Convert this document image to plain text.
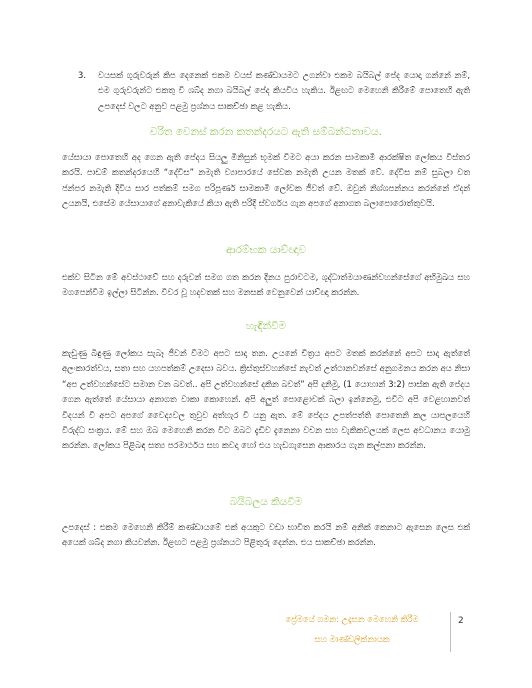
3. වයසක් ගුරුවරුන් කිප දෙනෙක් එකම වයස් කණ්ඩායමට උගන්වා එකම බයිබල් පේද යොදා ගන්නේ නම්, එම ගුරුවරුන්ට එකතු වී ශබ්ද නගා බයිබල් පේද කියවිය හැකිය. ඊළඟට මෙහෙනි කිරීමේ පොතෙහි ඇති උපදෙස් වලට අනුව පළමු ප්‍රශ්නය සාකච්ඡා කළ හැකිය.

චරිත වෙනස් කරන කතන්දරයට ඇති සම්බන්ධතාවය.

යේසායා පොතෙහි අද ගෙන ඇති පේදය සියලු මිනිසුන් භූමක් වීමට අයා කරන සාමකාමී ආරක්ෂිත ලෝකය විස්තර කරයි. පාඩම් කතන්දරයෙහි “දේවිස” නමැති ව්‍යාපාරයේ සේවක නමැති උයන මතක් වේ. දේවිස නම් සුබලා වත ජන්පර නමැති දිවිය සාර පත්කම් සමග පරිපූර්ණ සාමකාමී ලෝවක ජීවත් වේ. ඔවුන් නිශ්ශපන්නය කරන්නේ ඒදන් උයනයි, එසේම යේසායාගේ අනාවැකියේ කියා ඇති පරිදි ස්වර්ගය ගැන අපගේ අනාගත බලාපොරොත්තුවයි.

ආරම්භක යාච්ඥාව

එක්ව සිටින මේ අවස්ථාවේ සහ දරුවන් සමග ගත කරන දිනය පුරාවටම, ශුද්ධාත්මයාණන්වහන්සේගේ අභිමුඛය සහ මගපෙන්වීම ඉල්ලා සිටින්න. විවර වූ හදවතක් සහ මනසක් වෙනුවෙන් යාච්ඥා කරන්න.

හැඳින්වීම

කැඩුණු බිඳුණු ලෝකය සැබෑ ජීවන් වීමට අපට සාදා තන. උයනේ චිත්‍රය අපට මතක් කරන්නේ අපට සාදා ඇත්තේ අලංකාරත්වය, සතා සහ යහපත්කම් උදෙසා බවය. ක්‍රිස්තුස්වහන්සේ නැවත් උත්ථානවන්සේ අනුගමනය කරන අය නිසා “අප උත්වහන්සේට සමාන වන බවත්.. අපි උත්වහන්සේ දකින බවත්” අපි දනිමු, (1 යොහාන් 3:2) පාස්ක ඇති පේදය ගෙන ඇත්තේ යේසායා අනාගත වාකා කොහෙන්. අපි අලුත් පොළොවක් බලා ඉන්නෙමු, එවිට අපි වෙළහානවත් විදයන් වී අපට අපගේ වෛද්‍යවල තුවුව අත්හැර වී යනු ඇත. මේ පේදය උපත්පත්ති පොතෙනි කල යාපලයෙහි විරුද්ධ සංක්‍රය. මේ සහ ඔබ මෙහෙනි කරන විට ඔබට දැඩිව දැනෙනා වචන සහ වැකිකවලයක් ලෙස අවධානය යොමු කරන්න. ලෝකය පිළිබඳ සත්‍ය පරමාර්ථය සහ කවදා හෝ එය හැඩගැසෙන ආකාරය ගැන කල්පනා කරන්න.

බයිබලය කියවීම

උපදෙස් : එකම මෙහෙනි කිරීම් කණ්ඩායමේ එක් අයකුට වඩා භාවිත කරයි නම් අනික් කෙනාට ඇසෙන ලෙස එක් අයෙක් ශබ්ද නගා කියවන්න. ඊළඟට පළමු ප්‍රශ්නයට පිළිතුරු දෙන්න. එය සාකච්ඡා කරන්න.

ප්‍රේමයේ ගමන: උදෑසන මෙහෙනි කිරීම
සහ මාණ්ඩලික්නායක
2
